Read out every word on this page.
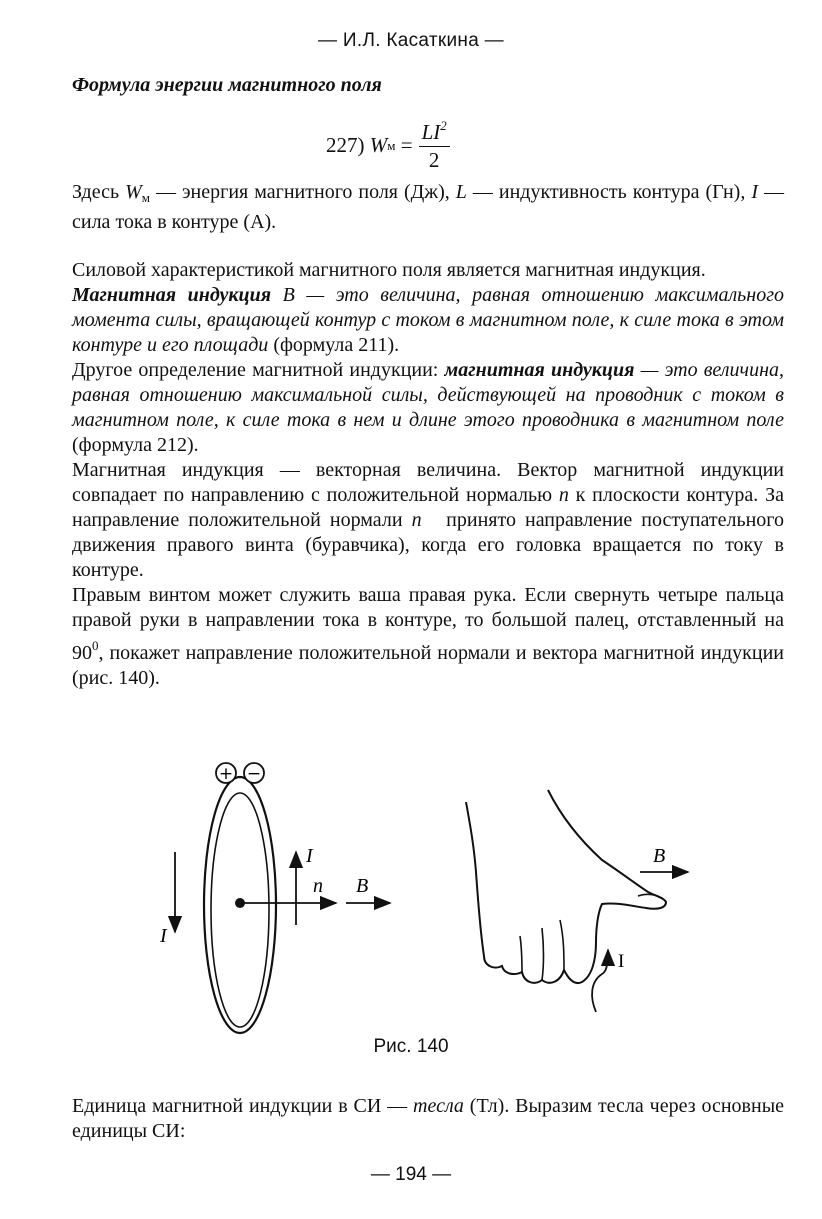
— И.Л. Касаткина —
Формула энергии магнитного поля
227)
W $м = \frac{LI^2}{2}$

Здесь $W_м$ — энергия магнитного поля (Дж), L — индуктивность контура (Гн), I — сила тока в контуре (А).

Силовой характеристикой магнитного поля является магнитная индукция.

Магнитная индукция B — это величина, равная отношению максимального момента силы, вращающей контур с током в магнитном поле, к силе тока в этом контуре и его площади (формула 211).

Другое определение магнитной индукции: магнитная индукция — это величина, равная отношению максимальной силы, действующей на проводник с током в магнитном поле, к силе тока в нем и длине этого проводника в магнитном поле (формула 212).

Магнитная индукция — векторная величина. Вектор магнитной индукции совпадает по направлению с положительной нормалью n к плоскости контура. За направление положительной нормали n⃗ принято направление поступательного движения правого винта (буравчика), когда его головка вращается по току в контуре.

Правым винтом может служить ваша правая рука. Если свернуть четыре пальца правой руки в направлении тока в контуре, то большой палец, отставленный на $90^0$, покажет направление положительной нормали и вектора магнитной индукции (рис. 140).

+ −
I
I
n⃗ B⃗
B⃗
I
Рис. 140

Единица магнитной индукции в СИ — тесла (Тл). Выразим тесла через основные единицы СИ:

— 194 —
